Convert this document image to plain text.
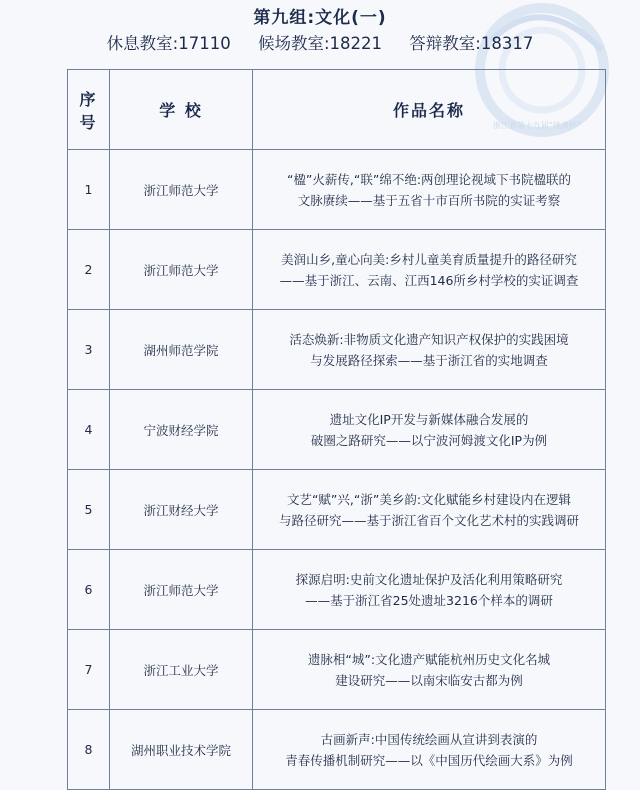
浙江省第十九届“挑战杯”
第九组:文化(一)
休息教室:17110 候场教室:18221 答辩教室:18317
序 号	学 校	作品名称
1	浙江师范大学	“楹”火薪传,“联”绵不绝:两创理论视域下书院楹联的
文脉赓续——基于五省十市百所书院的实证考察

2	浙江师范大学	美润山乡,童心向美:乡村儿童美育质量提升的路径研究
——基于浙江、云南、江西146所乡村学校的实证调查

3	湖州师范学院	活态焕新:非物质文化遗产知识产权保护的实践困境
与发展路径探索——基于浙江省的实地调查

4	宁波财经学院	遗址文化IP开发与新媒体融合发展的
破圈之路研究——以宁波河姆渡文化IP为例

5	浙江财经大学	文艺“赋”兴,“浙”美乡韵:文化赋能乡村建设内在逻辑
与路径研究——基于浙江省百个文化艺术村的实践调研

6	浙江师范大学	探源启明:史前文化遗址保护及活化利用策略研究
——基于浙江省25处遗址3216个样本的调研

7	浙江工业大学	遗脉相“城”:文化遗产赋能杭州历史文化名城
建设研究——以南宋临安古都为例

8	湖州职业技术学院	古画新声:中国传统绘画从宣讲到表演的
青春传播机制研究——以《中国历代绘画大系》为例
